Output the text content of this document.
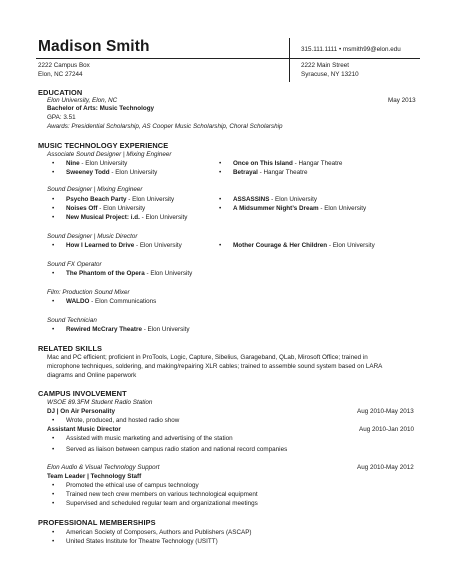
Madison Smith	315.111.1111 • msmith99@elon.edu
2222 Campus Box
Elon, NC 27244
2222 Main Street
Syracuse, NY 13210
EDUCATION
Elon University, Elon, NC	May 2013
Bachelor of Arts: Music Technology
GPA: 3.51
Awards: Presidential Scholarship, AS Cooper Music Scholarship, Choral Scholarship
MUSIC TECHNOLOGY EXPERIENCE
Associate Sound Designer | Mixing Engineer
• Nine - Elon University
• Sweeney Todd - Elon University
• Once on This Island - Hangar Theatre
• Betrayal - Hangar Theatre
Sound Designer | Mixing Engineer
• Psycho Beach Party - Elon University
• Noises Off - Elon University
• New Musical Project: i.d. - Elon University
• ASSASSINS - Elon University
• A Midsummer Night’s Dream - Elon University
Sound Designer | Music Director
• How I Learned to Drive - Elon University
•	Mother Courage & Her Children - Elon University
Sound FX Operator
• The Phantom of the Opera - Elon University
Film: Production Sound Mixer
• WALDO - Elon Communications
Sound Technician
• Rewired McCrary Theatre - Elon University
RELATED SKILLS
Mac and PC efficient; proficient in ProTools, Logic, Capture, Sibelius, Garageband, QLab, Mirosoft Office; trained in
microphone techniques, soldering, and making/repairing XLR cables; trained to assemble sound system based on LARA
diagrams and Online paperwork
CAMPUS INVOLVEMENT
WSOE 89.3FM Student Radio Station
DJ | On Air Personality	Aug 2010-May 2013
• Wrote, produced, and hosted radio show
Assistant Music Director	Aug 2010-Jan 2010
• Assisted with music marketing and advertising of the station
• Served as liaison between campus radio station and national record companies
Elon Audio & Visual Technology Support	Aug 2010-May 2012
Team Leader | Technology Staff
• Promoted the ethical use of campus technology
• Trained new tech crew members on various technological equipment
• Supervised and scheduled regular team and organizational meetings
PROFESSIONAL MEMBERSHIPS
• American Society of Composers, Authors and Publishers (ASCAP)
• United States Institute for Theatre Technology (USITT)
